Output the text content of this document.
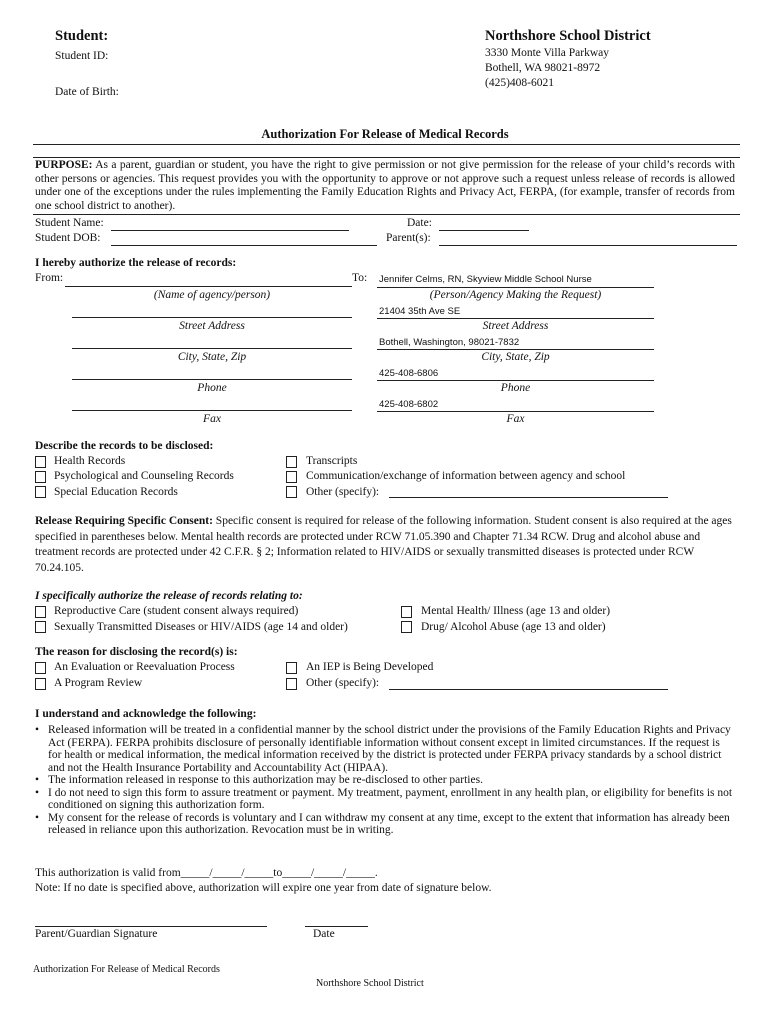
Student:
Student ID:
Date of Birth:
Northshore School District
3330 Monte Villa Parkway
Bothell, WA 98021-8972
(425)408-6021
Authorization For Release of Medical Records
PURPOSE: As a parent, guardian or student, you have the right to give permission or not give permission for the release of your child’s records with other persons or agencies. This request provides you with the opportunity to approve or not approve such a request unless release of records is allowed under one of the exceptions under the rules implementing the Family Education Rights and Privacy Act, FERPA, (for example, transfer of records from one school district to another).
Student Name:
Student DOB:
Date:
Parent(s):
I hereby authorize the release of records:
From:	To:
(Name of agency/person)
Street Address
City, State, Zip
Phone
Fax
Jennifer Celms, RN, Skyview Middle School Nurse
(Person/Agency Making the Request)
21404 35th Ave SE
Street Address
Bothell, Washington, 98021-7832
City, State, Zip
425-408-6806
Phone
425-408-6802
Fax
Describe the records to be disclosed:
Health Records
Psychological and Counseling Records
Special Education Records
Transcripts
Communication/exchange of information between agency and school
Other (specify):
Release Requiring Specific Consent: Specific consent is required for release of the following information. Student consent is also required at the ages specified in parentheses below. Mental health records are protected under RCW 71.05.390 and Chapter 71.34 RCW. Drug and alcohol abuse and treatment records are protected under 42 C.F.R. § 2; Information related to HIV/AIDS or sexually transmitted diseases is protected under RCW 70.24.105.
I specifically authorize the release of records relating to:
Reproductive Care (student consent always required)
Sexually Transmitted Diseases or HIV/AIDS (age 14 and older)
Mental Health/ Illness (age 13 and older)
Drug/ Alcohol Abuse (age 13 and older)
The reason for disclosing the record(s) is:
An Evaluation or Reevaluation Process
A Program Review
An IEP is Being Developed
Other (specify):
I understand and acknowledge the following:
• Released information will be treated in a confidential manner by the school district under the provisions of the Family Education Rights and Privacy Act (FERPA). FERPA prohibits disclosure of personally identifiable information without consent except in limited circumstances. If the request is for health or medical information, the medical information received by the district is protected under FERPA privacy standards by a school district and not the Health Insurance Portability and Accountability Act (HIPAA).
• The information released in response to this authorization may be re-disclosed to other parties.
• I do not need to sign this form to assure treatment or payment. My treatment, payment, enrollment in any health plan, or eligibility for benefits is not conditioned on signing this authorization form.
• My consent for the release of records is voluntary and I can withdraw my consent at any time, except to the extent that information has already been released in reliance upon this authorization. Revocation must be in writing.
This authorization is valid from_____/_____/_____to_____/_____/_____.
Note: If no date is specified above, authorization will expire one year from date of signature below.
Parent/Guardian Signature	Date
Authorization For Release of Medical Records
Northshore School District
